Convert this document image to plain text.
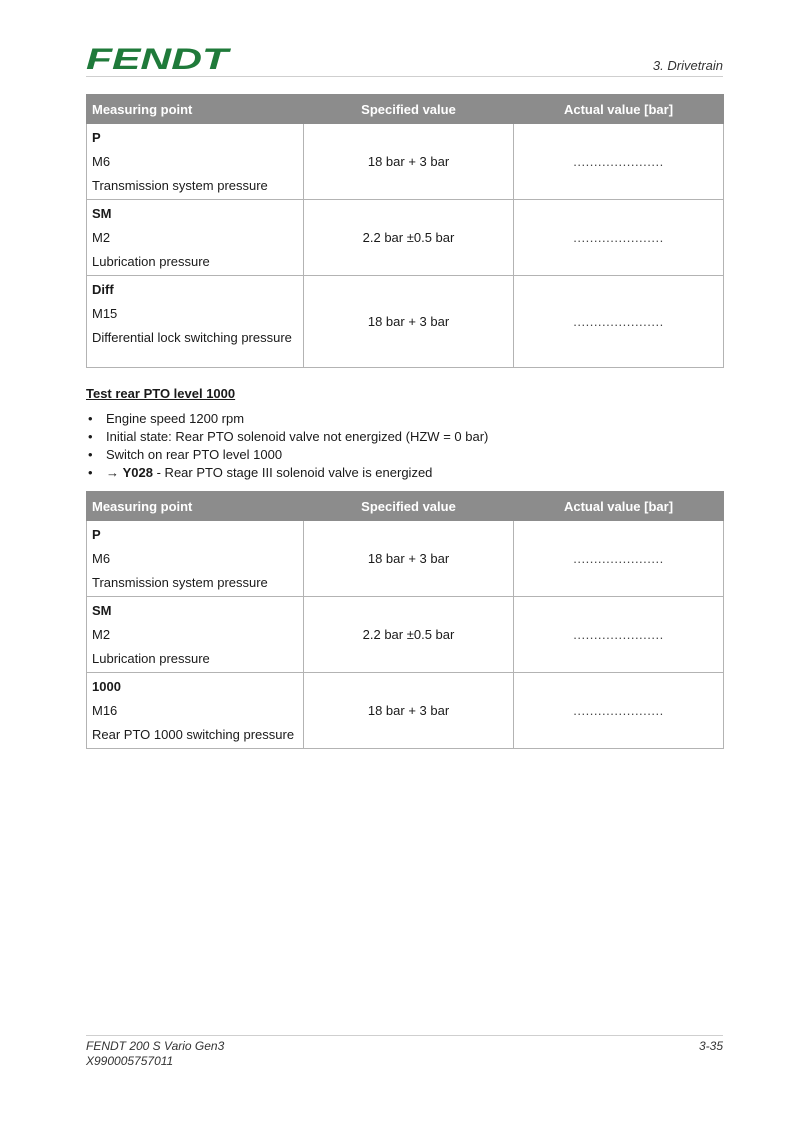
FENDT	3. Drivetrain
Measuring point	Specified value	Actual value [bar]

P
M6
Transmission system pressure	18 bar + 3 bar	......................

SM
M2
Lubrication pressure	2.2 bar ±0.5 bar	......................

Diff
M15
Differential lock switching pressure	18 bar + 3 bar	......................
Test rear PTO level 1000
• Engine speed 1200 rpm
• Initial state: Rear PTO solenoid valve not energized (HZW = 0 bar)
• Switch on rear PTO level 1000
• → Y028 - Rear PTO stage III solenoid valve is energized
Measuring point	Specified value	Actual value [bar]

P
M6
Transmission system pressure	18 bar + 3 bar	......................

SM
M2
Lubrication pressure	2.2 bar ±0.5 bar	......................

1000
M16
Rear PTO 1000 switching pressure	18 bar + 3 bar	......................
FENDT 200 S Vario Gen3
X990005757011
3-35
